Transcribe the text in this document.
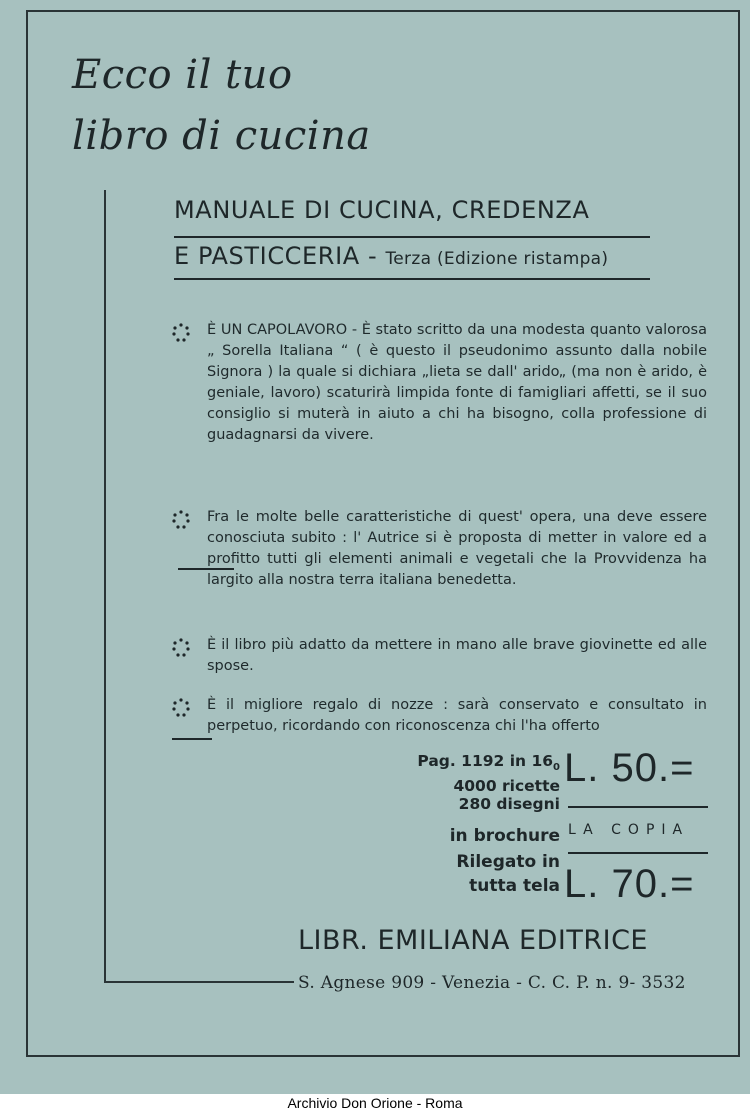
Ecco il tuo
libro di cucina
MANUALE DI CUCINA, CREDENZA
E PASTICCERIA - Terza (Edizione ristampa)
È UN CAPOLAVORO - È stato scritto da una modesta quanto valorosa „ Sorella Italiana “ ( è questo il pseudonimo assunto dalla nobile Signora ) la quale si dichiara „lieta se dall' arido„ (ma non è arido, è geniale, lavoro) scaturirà limpida fonte di famigliari affetti, se il suo consiglio si muterà in aiuto a chi ha bisogno, colla professione di guadagnarsi da vivere.
Fra le molte belle caratteristiche di quest' opera, una deve essere conosciuta subito : l' Autrice si è proposta di metter in valore ed a profitto tutti gli elementi animali e vegetali che la Provvidenza ha largito alla nostra terra italiana benedetta.
È il libro più adatto da mettere in mano alle brave giovinette ed alle spose.
È il migliore regalo di nozze : sarà conservato e consultato in perpetuo, ricordando con riconoscenza chi l'ha offerto
Pag. 1192 in $16_0$
4000 ricette
280 disegni
L. 50.=
in brochure LA COPIA
Rilegato in
tutta tela L. 70.=
LIBR. EMILIANA EDITRICE
S. Agnese 909 - Venezia - C. C. P. n. 9- 3532
Archivio Don Orione - Roma
